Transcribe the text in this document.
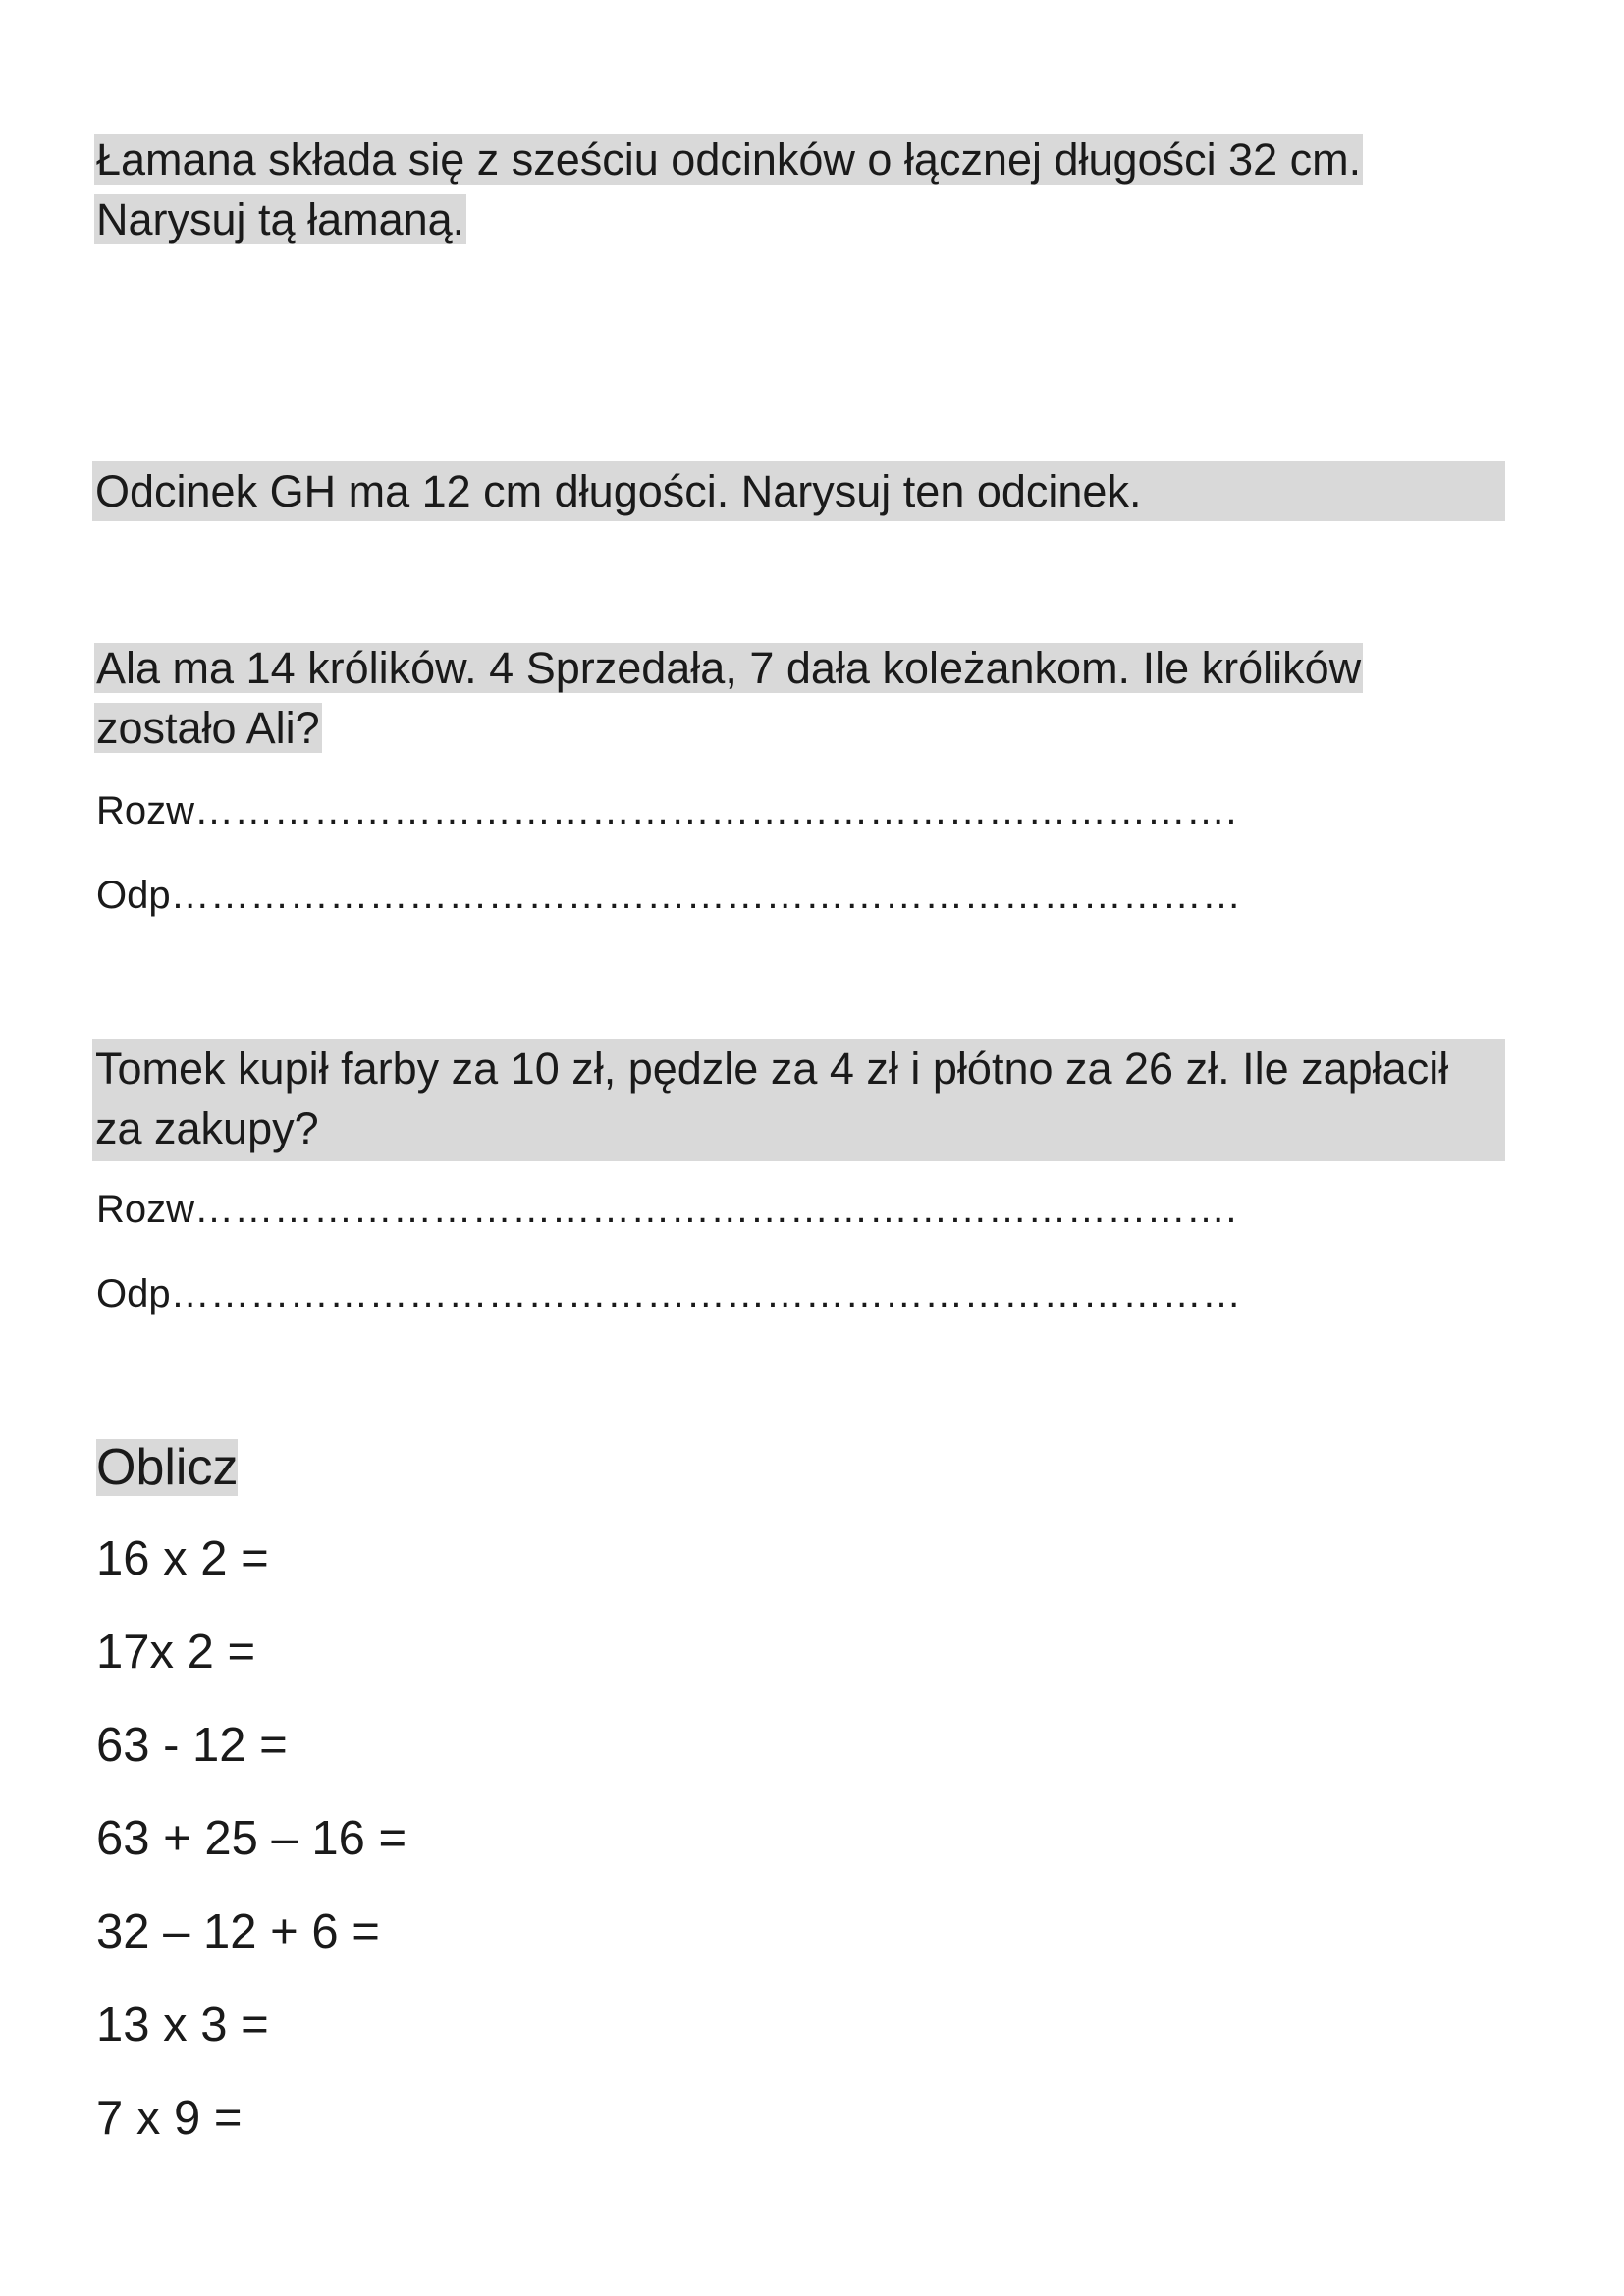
Łamana składa się z sześciu odcinków o łącznej długości 32 cm.
Narysuj tą łamaną.
Odcinek GH ma 12 cm długości. Narysuj ten odcinek.
Ala ma 14 królików. 4 Sprzedała, 7 dała koleżankom. Ile królików
zostało Ali?
Rozw…………………………………………………………………….
Odp………………………………………………………………………
Tomek kupił farby za 10 zł, pędzle za 4 zł i płótno za 26 zł. Ile zapłacił
za zakupy?
Rozw…………………………………………………………………….
Odp………………………………………………………………………
Oblicz
16 x 2 =
17x 2 =
63 - 12 =
63 + 25 – 16 =
32 – 12 + 6 =
13 x 3 =
7 x 9 =
